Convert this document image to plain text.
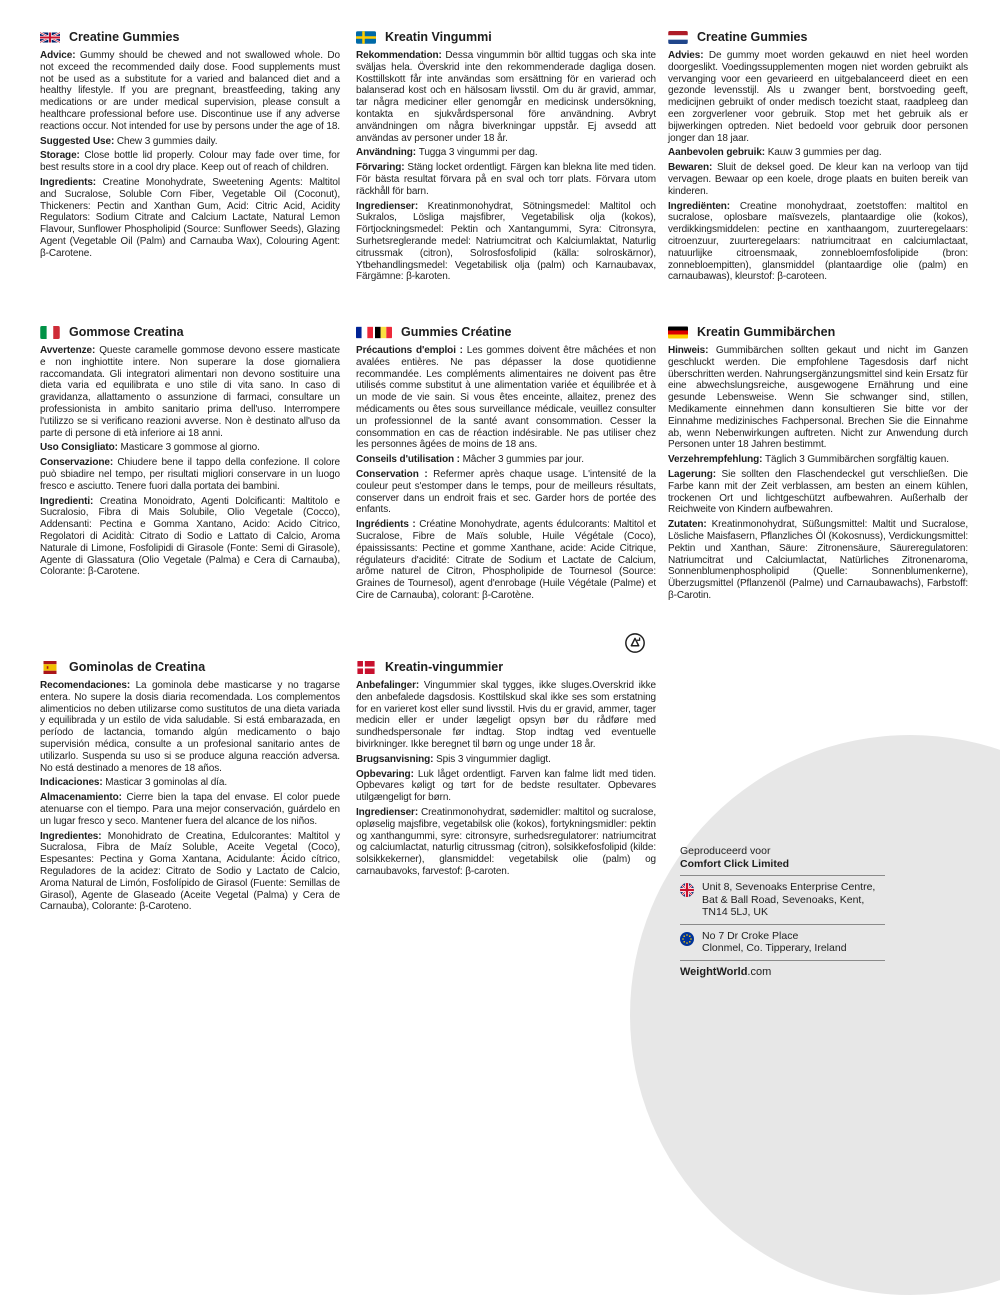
Creatine Gummies

Advice: Gummy should be chewed and not swallowed whole. Do not exceed the recommended daily dose. Food supplements must not be used as a substitute for a varied and balanced diet and a healthy lifestyle. If you are pregnant, breastfeeding, taking any medications or are under medical supervision, please consult a healthcare professional before use. Discontinue use if any adverse reactions occur. Not intended for use by persons under the age of 18.

Suggested Use: Chew 3 gummies daily.

Storage: Close bottle lid properly. Colour may fade over time, for best results store in a cool dry place. Keep out of reach of children.

Ingredients: Creatine Monohydrate, Sweetening Agents: Maltitol and Sucralose, Soluble Corn Fiber, Vegetable Oil (Coconut), Thickeners: Pectin and Xanthan Gum, Acid: Citric Acid, Acidity Regulators: Sodium Citrate and Calcium Lactate, Natural Lemon Flavour, Sunflower Phospholipid (Source: Sunflower Seeds), Glazing Agent (Vegetable Oil (Palm) and Carnauba Wax), Colouring Agent: β-Carotene.

Kreatin Vingummi

Rekommendation: Dessa vingummin bör alltid tuggas och ska inte sväljas hela. Överskrid inte den rekommenderade dagliga dosen. Kosttillskott får inte användas som ersättning för en varierad och balanserad kost och en hälsosam livsstil. Om du är gravid, ammar, tar några mediciner eller genomgår en medicinsk undersökning, kontakta en sjukvårdspersonal före användning. Avbryt användningen om några biverkningar uppstår. Ej avsedd att användas av personer under 18 år.

Användning: Tugga 3 vingummi per dag.

Förvaring: Stäng locket ordentligt. Färgen kan blekna lite med tiden. För bästa resultat förvara på en sval och torr plats. Förvara utom räckhåll för barn.

Ingredienser: Kreatinmonohydrat, Sötningsmedel: Maltitol och Sukralos, Lösliga majsfibrer, Vegetabilisk olja (kokos), Förtjockningsmedel: Pektin och Xantangummi, Syra: Citronsyra, Surhetsreglerande medel: Natriumcitrat och Kalciumlaktat, Naturlig citrussmak (citron), Solrosfosfolipid (källa: solroskärnor), Ytbehandlingsmedel: Vegetabilisk olja (palm) och Karnaubavax, Färgämne: β-karoten.

Creatine Gummies

Advies: De gummy moet worden gekauwd en niet heel worden doorgeslikt. Voedingssupplementen mogen niet worden gebruikt als vervanging voor een gevarieerd en uitgebalanceerd dieet en een gezonde levensstijl. Als u zwanger bent, borstvoeding geeft, medicijnen gebruikt of onder medisch toezicht staat, raadpleeg dan een zorgverlener voor gebruik. Stop met het gebruik als er bijwerkingen optreden. Niet bedoeld voor gebruik door personen jonger dan 18 jaar.

Aanbevolen gebruik: Kauw 3 gummies per dag.

Bewaren: Sluit de deksel goed. De kleur kan na verloop van tijd vervagen. Bewaar op een koele, droge plaats en buiten bereik van kinderen.

Ingrediënten: Creatine monohydraat, zoetstoffen: maltitol en sucralose, oplosbare maïsvezels, plantaardige olie (kokos), verdikkingsmiddelen: pectine en xanthaangom, zuurteregelaars: citroenzuur, zuurteregelaars: natriumcitraat en calciumlactaat, natuurlijke citroensmaak, zonnebloemfosfolipide (bron: zonnebloempitten), glansmiddel (plantaardige olie (palm) en carnaubawas), kleurstof: β-caroteen.

Gommose Creatina

Avvertenze: Queste caramelle gommose devono essere masticate e non inghiottite intere. Non superare la dose giornaliera raccomandata. Gli integratori alimentari non devono sostituire una dieta varia ed equilibrata e uno stile di vita sano. In caso di gravidanza, allattamento o assunzione di farmaci, consultare un professionista in ambito sanitario prima dell'uso. Interrompere l'utilizzo se si verificano reazioni avverse. Non è destinato all'uso da parte di persone di età inferiore ai 18 anni.

Uso Consigliato: Masticare 3 gommose al giorno.

Conservazione: Chiudere bene il tappo della confezione. Il colore può sbiadire nel tempo, per risultati migliori conservare in un luogo fresco e asciutto. Tenere fuori dalla portata dei bambini.

Ingredienti: Creatina Monoidrato, Agenti Dolcificanti: Maltitolo e Sucralosio, Fibra di Mais Solubile, Olio Vegetale (Cocco), Addensanti: Pectina e Gomma Xantano, Acido: Acido Citrico, Regolatori di Acidità: Citrato di Sodio e Lattato di Calcio, Aroma Naturale di Limone, Fosfolipidi di Girasole (Fonte: Semi di Girasole), Agente di Glassatura (Olio Vegetale (Palma) e Cera di Carnauba), Colorante: β-Carotene.

Gummies Créatine

Précautions d'emploi : Les gommes doivent être mâchées et non avalées entières. Ne pas dépasser la dose quotidienne recommandée. Les compléments alimentaires ne doivent pas être utilisés comme substitut à une alimentation variée et équilibrée et à un mode de vie sain. Si vous êtes enceinte, allaitez, prenez des médicaments ou êtes sous surveillance médicale, veuillez consulter un professionnel de la santé avant consommation. Cesser la consommation en cas de réaction indésirable. Ne pas utiliser chez les personnes âgées de moins de 18 ans.

Conseils d'utilisation : Mâcher 3 gummies par jour.

Conservation : Refermer après chaque usage. L'intensité de la couleur peut s'estomper dans le temps, pour de meilleurs résultats, conserver dans un endroit frais et sec. Garder hors de portée des enfants.

Ingrédients : Créatine Monohydrate, agents édulcorants: Maltitol et Sucralose, Fibre de Maïs soluble, Huile Végétale (Coco), épaississants: Pectine et gomme Xanthane, acide: Acide Citrique, régulateurs d'acidité: Citrate de Sodium et Lactate de Calcium, arôme naturel de Citron, Phospholipide de Tournesol (Source: Graines de Tournesol), agent d'enrobage (Huile Végétale (Palme) et Cire de Carnauba), colorant: β-Carotène.

Kreatin Gummibärchen

Hinweis: Gummibärchen sollten gekaut und nicht im Ganzen geschluckt werden. Die empfohlene Tagesdosis darf nicht überschritten werden. Nahrungsergänzungsmittel sind kein Ersatz für eine abwechslungsreiche, ausgewogene Ernährung und eine gesunde Lebensweise. Wenn Sie schwanger sind, stillen, Medikamente einnehmen dann konsultieren Sie bitte vor der Einnahme medizinisches Fachpersonal. Brechen Sie die Einnahme ab, wenn Nebenwirkungen auftreten. Nicht zur Anwendung durch Personen unter 18 Jahren bestimmt.

Verzehrempfehlung: Täglich 3 Gummibärchen sorgfältig kauen.

Lagerung: Sie sollten den Flaschendeckel gut verschließen. Die Farbe kann mit der Zeit verblassen, am besten an einem kühlen, trockenen Ort und lichtgeschützt aufbewahren. Außerhalb der Reichweite von Kindern aufbewahren.

Zutaten: Kreatinmonohydrat, Süßungsmittel: Maltit und Sucralose, Lösliche Maisfasern, Pflanzliches Öl (Kokosnuss), Verdickungsmittel: Pektin und Xanthan, Säure: Zitronensäure, Säureregulatoren: Natriumcitrat und Calciumlactat, Natürliches Zitronenaroma, Sonnenblumenphospholipid (Quelle: Sonnenblumenkerne), Überzugsmittel (Pflanzenöl (Palme) und Carnaubawachs), Farbstoff: β-Carotin.

Gominolas de Creatina

Recomendaciones: La gominola debe masticarse y no tragarse entera. No supere la dosis diaria recomendada. Los complementos alimenticios no deben utilizarse como sustitutos de una dieta variada y equilibrada y un estilo de vida saludable. Si está embarazada, en período de lactancia, tomando algún medicamento o bajo supervisión médica, consulte a un profesional sanitario antes de utilizarlo. Suspenda su uso si se produce alguna reacción adversa. No está destinado a menores de 18 años.

Indicaciones: Masticar 3 gominolas al día.

Almacenamiento: Cierre bien la tapa del envase. El color puede atenuarse con el tiempo. Para una mejor conservación, guárdelo en un lugar fresco y seco. Mantener fuera del alcance de los niños.

Ingredientes: Monohidrato de Creatina, Edulcorantes: Maltitol y Sucralosa, Fibra de Maíz Soluble, Aceite Vegetal (Coco), Espesantes: Pectina y Goma Xantana, Acidulante: Ácido cítrico, Reguladores de la acidez: Citrato de Sodio y Lactato de Calcio, Aroma Natural de Limón, Fosfolípido de Girasol (Fuente: Semillas de Girasol), Agente de Glaseado (Aceite Vegetal (Palma) y Cera de Carnauba), Colorante: β-Caroteno.

Kreatin-vingummier

Anbefalinger: Vingummier skal tygges, ikke sluges.Overskrid ikke den anbefalede dagsdosis. Kosttilskud skal ikke ses som erstatning for en varieret kost eller sund livsstil. Hvis du er gravid, ammer, tager medicin eller er under lægeligt opsyn bør du rådføre med sundhedspersonale før indtag. Stop indtag ved eventuelle bivirkninger. Ikke beregnet til børn og unge under 18 år.

Brugsanvisning: Spis 3 vingummier dagligt.

Opbevaring: Luk låget ordentligt. Farven kan falme lidt med tiden. Opbevares køligt og tørt for de bedste resultater. Opbevares utilgængeligt for børn.

Ingredienser: Creatinmonohydrat, sødemidler: maltitol og sucralose, opløselig majsfibre, vegetabilsk olie (kokos), fortykningsmidler: pektin og xanthangummi, syre: citronsyre, surhedsregulatorer: natriumcitrat og calciumlactat, naturlig citrussmag (citron), solsikkefosfolipid (kilde: solsikkekerner), glansmiddel: vegetabilsk olie (palm) og carnaubavoks, farvestof: β-caroten.

Geproduceerd voor
Comfort Click Limited
Unit 8, Sevenoaks Enterprise Centre,
Bat & Ball Road, Sevenoaks, Kent,
TN14 5LJ, UK
No 7 Dr Croke Place
Clonmel, Co. Tipperary, Ireland
WeightWorld.com
